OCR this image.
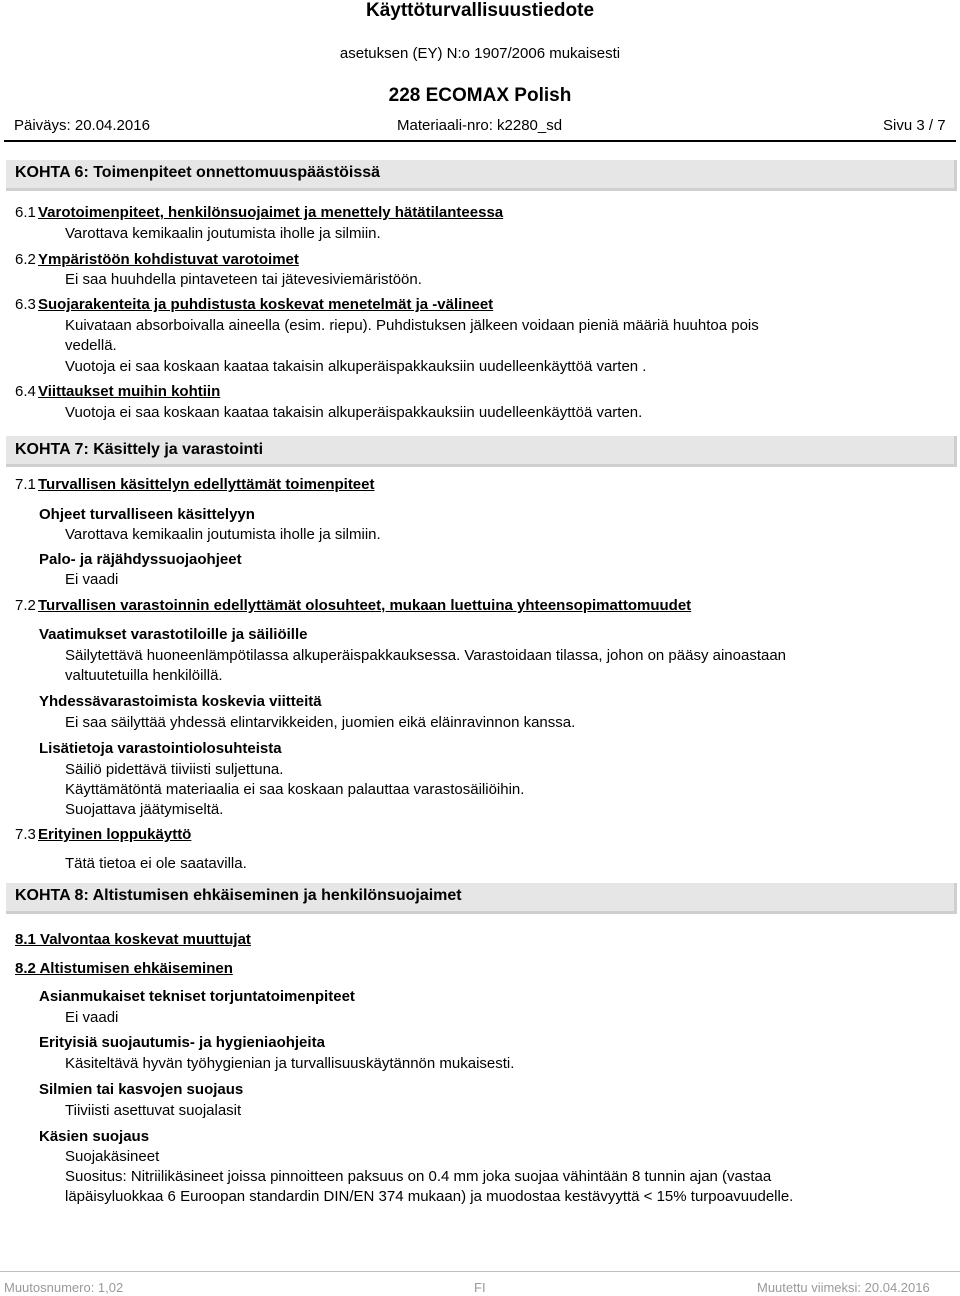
Käyttöturvallisuustiedote
asetuksen (EY) N:o 1907/2006 mukaisesti
228 ECOMAX Polish
Päiväys: 20.04.2016	Materiaali-nro: k2280_sd	Sivu 3 / 7
KOHTA 6: Toimenpiteet onnettomuuspäästöissä
6.1 Varotoimenpiteet, henkilönsuojaimet ja menettely hätätilanteessa
Varottava kemikaalin joutumista iholle ja silmiin.
6.2 Ympäristöön kohdistuvat varotoimet
Ei saa huuhdella pintaveteen tai jätevesiviemäristöön.
6.3 Suojarakenteita ja puhdistusta koskevat menetelmät ja -välineet
Kuivataan absorboivalla aineella (esim. riepu). Puhdistuksen jälkeen voidaan pieniä määriä huuhtoa pois
vedellä.
Vuotoja ei saa koskaan kaataa takaisin alkuperäispakkauksiin uudelleenkäyttöä varten .
6.4 Viittaukset muihin kohtiin
Vuotoja ei saa koskaan kaataa takaisin alkuperäispakkauksiin uudelleenkäyttöä varten.
KOHTA 7: Käsittely ja varastointi
7.1 Turvallisen käsittelyn edellyttämät toimenpiteet
Ohjeet turvalliseen käsittelyyn
Varottava kemikaalin joutumista iholle ja silmiin.
Palo- ja räjähdyssuojaohjeet
Ei vaadi
7.2 Turvallisen varastoinnin edellyttämät olosuhteet, mukaan luettuina yhteensopimattomuudet
Vaatimukset varastotiloille ja säiliöille
Säilytettävä huoneenlämpötilassa alkuperäispakkauksessa. Varastoidaan tilassa, johon on pääsy ainoastaan
valtuutetuilla henkilöillä.
Yhdessävarastoimista koskevia viitteitä
Ei saa säilyttää yhdessä elintarvikkeiden, juomien eikä eläinravinnon kanssa.
Lisätietoja varastointiolosuhteista
Säiliö pidettävä tiiviisti suljettuna.
Käyttämätöntä materiaalia ei saa koskaan palauttaa varastosäiliöihin.
Suojattava jäätymiseltä.
7.3 Erityinen loppukäyttö
Tätä tietoa ei ole saatavilla.
KOHTA 8: Altistumisen ehkäiseminen ja henkilönsuojaimet
8.1 Valvontaa koskevat muuttujat
8.2 Altistumisen ehkäiseminen
Asianmukaiset tekniset torjuntatoimenpiteet
Ei vaadi
Erityisiä suojautumis- ja hygieniaohjeita
Käsiteltävä hyvän työhygienian ja turvallisuuskäytännön mukaisesti.
Silmien tai kasvojen suojaus
Tiiviisti asettuvat suojalasit
Käsien suojaus
Suojakäsineet
Suositus: Nitriilikäsineet joissa pinnoitteen paksuus on 0.4 mm joka suojaa vähintään 8 tunnin ajan (vastaa
läpäisyluokkaa 6 Euroopan standardin DIN/EN 374 mukaan) ja muodostaa kestävyyttä < 15% turpoavuudelle.
Muutosnumero: 1,02	FI	Muutettu viimeksi: 20.04.2016
